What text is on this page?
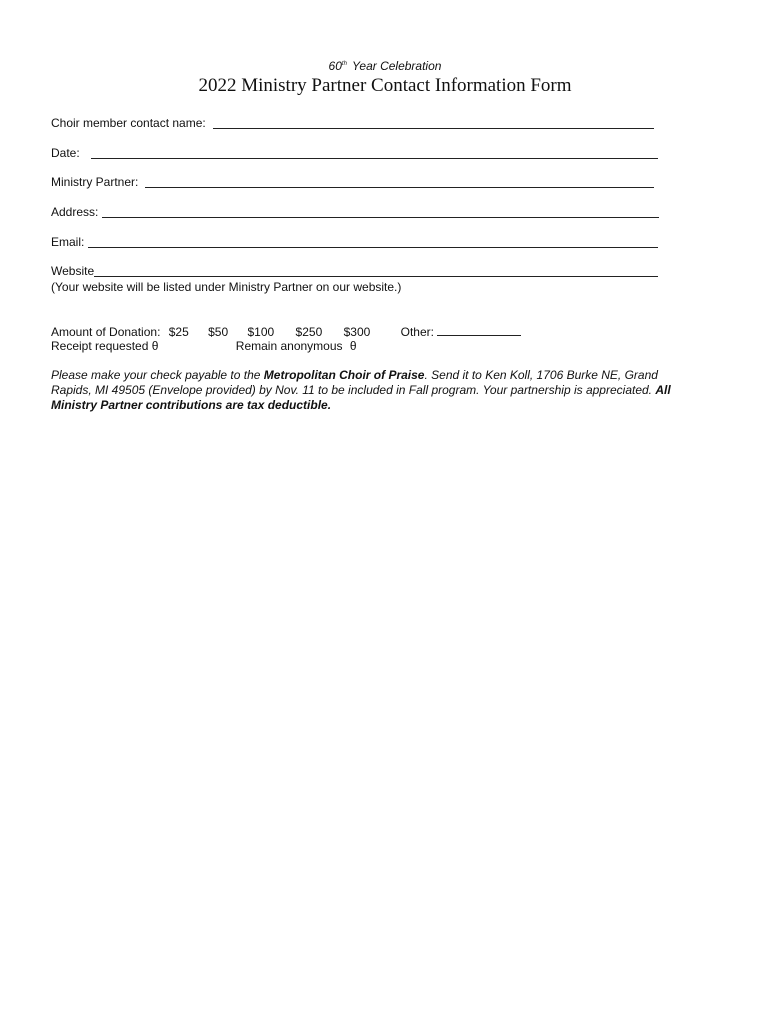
60th Year Celebration
2022 Ministry Partner Contact Information Form
Choir member contact name:
Date:
Ministry Partner:
Address:
Email:
Website
(Your website will be listed under Ministry Partner on our website.)
Amount of Donation: $25 $50 $100 $250 $300	Other:
Receipt requested θ	Remain anonymous θ
Please make your check payable to the Metropolitan Choir of Praise. Send it to Ken Koll, 1706 Burke NE, Grand Rapids, MI 49505 (Envelope provided) by Nov. 11 to be included in Fall program. Your partnership is appreciated. All Ministry Partner contributions are tax deductible.
